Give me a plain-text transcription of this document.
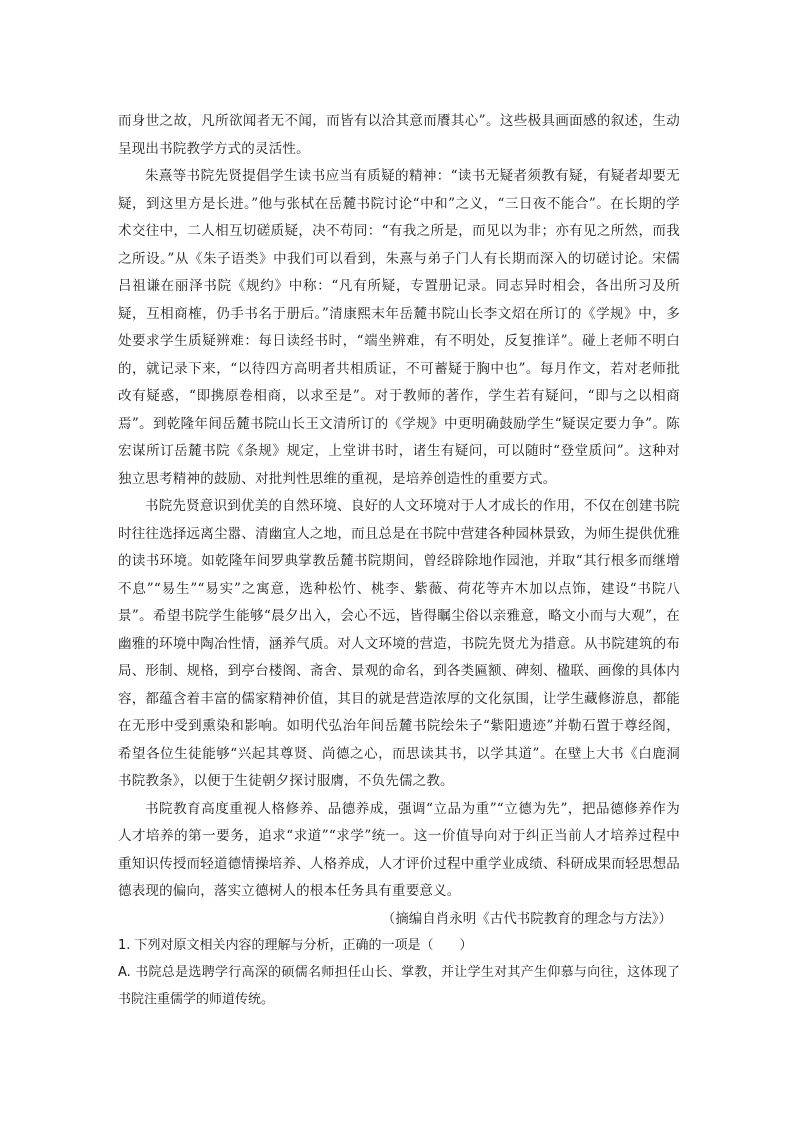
而身世之故，凡所欲闻者无不闻，而皆有以洽其意而餍其心”。这些极具画面感的叙述，生动呈现出书院教学方式的灵活性。

朱熹等书院先贤提倡学生读书应当有质疑的精神：“读书无疑者须教有疑，有疑者却要无疑，到这里方是长进。”他与张栻在岳麓书院讨论“中和”之义，“三日夜不能合”。在长期的学术交往中，二人相互切磋质疑，决不苟同：“有我之所是，而见以为非；亦有见之所然，而我之所设。”从《朱子语类》中我们可以看到，朱熹与弟子门人有长期而深入的切磋讨论。宋儒吕祖谦在丽泽书院《规约》中称：“凡有所疑，专置册记录。同志异时相会，各出所习及所疑，互相商榷，仍手书名于册后。”清康熙末年岳麓书院山长李文炤在所订的《学规》中，多处要求学生质疑辨难：每日读经书时，“端坐辨难，有不明处，反复推详”。碰上老师不明白的，就记录下来，“以待四方高明者共相质证，不可蓄疑于胸中也”。每月作文，若对老师批改有疑惑，“即携原卷相商，以求至是”。对于教师的著作，学生若有疑问，“即与之以相商焉”。到乾隆年间岳麓书院山长王文清所订的《学规》中更明确鼓励学生“疑误定要力争”。陈宏谋所订岳麓书院《条规》规定，上堂讲书时，诸生有疑问，可以随时“登堂质问”。这种对独立思考精神的鼓励、对批判性思维的重视，是培养创造性的重要方式。

书院先贤意识到优美的自然环境、良好的人文环境对于人才成长的作用，不仅在创建书院时往往选择远离尘嚣、清幽宜人之地，而且总是在书院中营建各种园林景致，为师生提供优雅的读书环境。如乾隆年间罗典掌教岳麓书院期间，曾经辟除地作园池，并取“其行根多而继增不息”“易生”“易实”之寓意，选种松竹、桃李、紫薇、荷花等卉木加以点饰，建设“书院八景”。希望书院学生能够“晨夕出入，会心不远，皆得瞩尘俗以亲雅意，略文小而与大观”，在幽雅的环境中陶冶性情，涵养气质。对人文环境的营造，书院先贤尤为措意。从书院建筑的布局、形制、规格，到亭台楼阁、斋舍、景观的命名，到各类匾额、碑刻、楹联、画像的具体内容，都蕴含着丰富的儒家精神价值，其目的就是营造浓厚的文化氛围，让学生藏修游息，都能在无形中受到熏染和影响。如明代弘治年间岳麓书院绘朱子“紫阳遗迹”并勒石置于尊经阁，希望各位生徒能够“兴起其尊贤、尚德之心，而思读其书，以学其道”。在壁上大书《白鹿洞书院教条》，以便于生徒朝夕探讨服膺，不负先儒之教。

书院教育高度重视人格修养、品德养成，强调“立品为重”“立德为先”，把品德修养作为人才培养的第一要务，追求“求道”“求学”统一。这一价值导向对于纠正当前人才培养过程中重知识传授而轻道德情操培养、人格养成，人才评价过程中重学业成绩、科研成果而轻思想品德表现的偏向，落实立德树人的根本任务具有重要意义。

（摘编自肖永明《古代书院教育的理念与方法》）

1. 下列对原文相关内容的理解与分析，正确的一项是（　　）

A. 书院总是选聘学行高深的硕儒名师担任山长、掌教，并让学生对其产生仰慕与向往，这体现了书院注重儒学的师道传统。
